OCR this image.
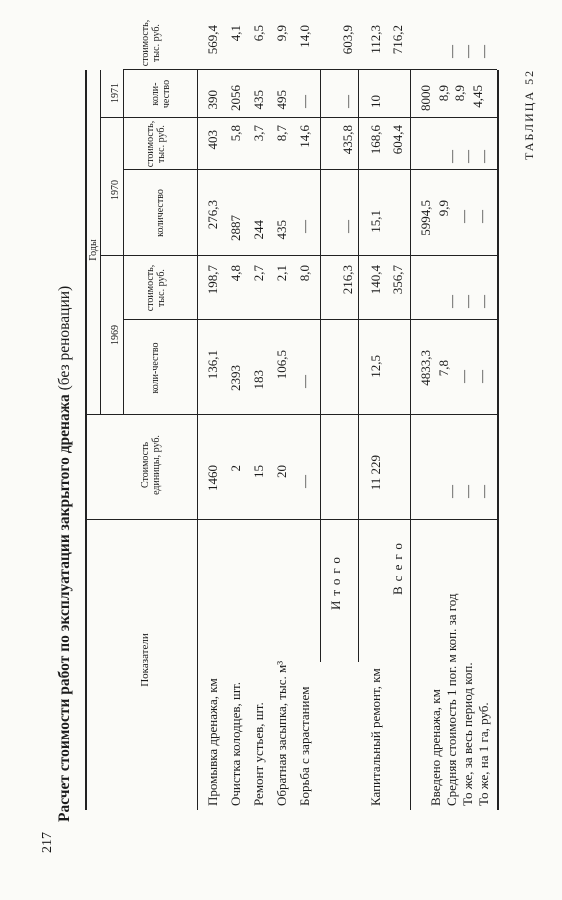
217
Расчет стоимости работ по эксплуатации закрытого дренажа (без реновации)
ТАБЛИЦА 52
Показатели
Стоимость единицы, руб.
Годы
1969
1970
1971
коли-чество
стоимость, тыс. руб.
количество
стоимость, тыс. руб.
коли-чество
стоимость, тыс. руб.
Промывка дренажа, км
1460
136,1
198,7
276,3
403
390
569,4
Очистка колодцев, шт.
2
2393
4,8
2887
5,8
2056
4,1
Ремонт устьев, шт.
15
183
2,7
244
3,7
435
6,5
Обратная засыпка, тыс. м³
20
106,5
2,1
435
8,7
495
9,9
Борьба с зарастанием
—
—
8,0
—
14,6
—
14,0
Итого
216,3
—
435,8
—
603,9
Капитальный ремонт, км
11 229
12,5
140,4
15,1
168,6
10
112,3
Всего
356,7
604,4
716,2
Введено дренажа, км
4833,3
5994,5
8000
Средняя стоимость 1 пог. м коп. за год
—
7,8
—
9,9
—
8,9
—
То же, за весь период коп.
—
—
—
—
—
8,9
—
То же, на 1 га, руб.
—
—
—
—
—
4,45
—
